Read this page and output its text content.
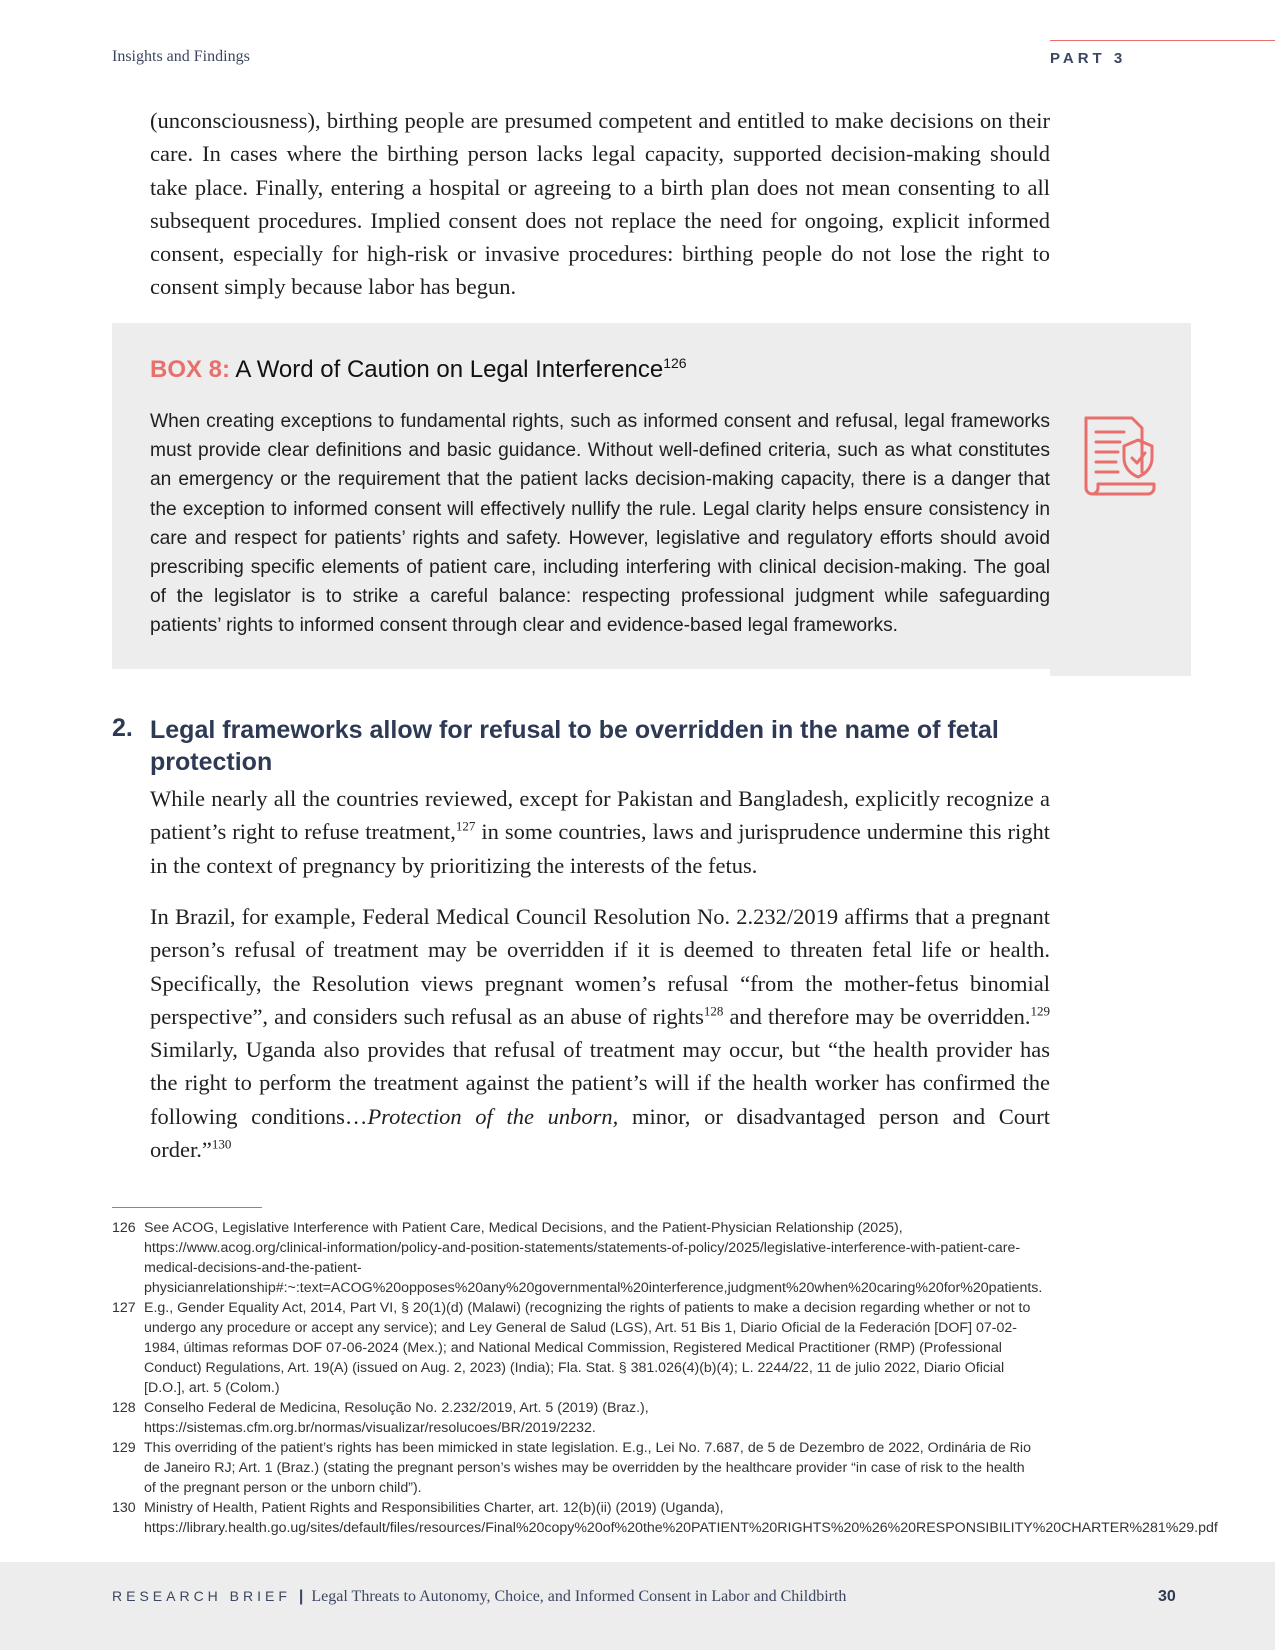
Insights and Findings	PART 3

(unconsciousness), birthing people are presumed competent and entitled to make decisions on their care. In cases where the birthing person lacks legal capacity, supported decision-making should take place. Finally, entering a hospital or agreeing to a birth plan does not mean consenting to all subsequent procedures. Implied consent does not replace the need for ongoing, explicit informed consent, especially for high-risk or invasive procedures: birthing people do not lose the right to consent simply because labor has begun.

BOX 8: A Word of Caution on Legal Interference$^{126}$
When creating exceptions to fundamental rights, such as informed consent and refusal, legal frameworks must provide clear definitions and basic guidance. Without well-defined criteria, such as what constitutes an emergency or the requirement that the patient lacks decision-making capacity, there is a danger that the exception to informed consent will effectively nullify the rule. Legal clarity helps ensure consistency in care and respect for patients’ rights and safety. However, legislative and regulatory efforts should avoid prescribing specific elements of patient care, including interfering with clinical decision-making. The goal of the legislator is to strike a careful balance: respecting professional judgment while safeguarding patients’ rights to informed consent through clear and evidence-based legal frameworks.
2. Legal frameworks allow for refusal to be overridden in the name of fetal protection

While nearly all the countries reviewed, except for Pakistan and Bangladesh, explicitly recognize a patient’s right to refuse treatment,$^{127}$ in some countries, laws and jurisprudence undermine this right in the context of pregnancy by prioritizing the interests of the fetus.

In Brazil, for example, Federal Medical Council Resolution No. 2.232/2019 affirms that a pregnant person’s refusal of treatment may be overridden if it is deemed to threaten fetal life or health. Specifically, the Resolution views pregnant women’s refusal “from the mother-fetus binomial perspective”, and considers such refusal as an abuse of rights$^{128}$ and therefore may be overridden.$^{129}$ Similarly, Uganda also provides that refusal of treatment may occur, but “the health provider has the right to perform the treatment against the patient’s will if the health worker has confirmed the following conditions…Protection of the unborn, minor, or disadvantaged person and Court order.”$^{130}$

126 See ACOG, Legislative Interference with Patient Care, Medical Decisions, and the Patient-Physician Relationship (2025), https://www.acog.org/clinical-information/policy-and-position-statements/statements-of-policy/2025/legislative-interference-with-patient-care-medical-decisions-and-the-patient-physicianrelationship#:~:text=ACOG%20opposes%20any%20governmental%20interference,judgment%20when%20caring%20for%20patients.
127 E.g., Gender Equality Act, 2014, Part VI, § 20(1)(d) (Malawi) (recognizing the rights of patients to make a decision regarding whether or not to undergo any procedure or accept any service); and Ley General de Salud (LGS), Art. 51 Bis 1, Diario Oficial de la Federación [DOF] 07-02-1984, últimas reformas DOF 07-06-2024 (Mex.); and National Medical Commission, Registered Medical Practitioner (RMP) (Professional Conduct) Regulations, Art. 19(A) (issued on Aug. 2, 2023) (India); Fla. Stat. § 381.026(4)(b)(4); L. 2244/22, 11 de julio 2022, Diario Oficial [D.O.], art. 5 (Colom.)
128 Conselho Federal de Medicina, Resolução No. 2.232/2019, Art. 5 (2019) (Braz.), https://sistemas.cfm.org.br/normas/visualizar/resolucoes/BR/2019/2232.
129 This overriding of the patient’s rights has been mimicked in state legislation. E.g., Lei No. 7.687, de 5 de Dezembro de 2022, Ordinária de Rio de Janeiro RJ; Art. 1 (Braz.) (stating the pregnant person’s wishes may be overridden by the healthcare provider “in case of risk to the health of the pregnant person or the unborn child”).
130 Ministry of Health, Patient Rights and Responsibilities Charter, art. 12(b)(ii) (2019) (Uganda), https://library.health.go.ug/sites/default/files/resources/Final%20copy%20of%20the%20PATIENT%20RIGHTS%20%26%20RESPONSIBILITY%20CHARTER%281%29.pdf
RESEARCH BRIEF | Legal Threats to Autonomy, Choice, and Informed Consent in Labor and Childbirth	30
